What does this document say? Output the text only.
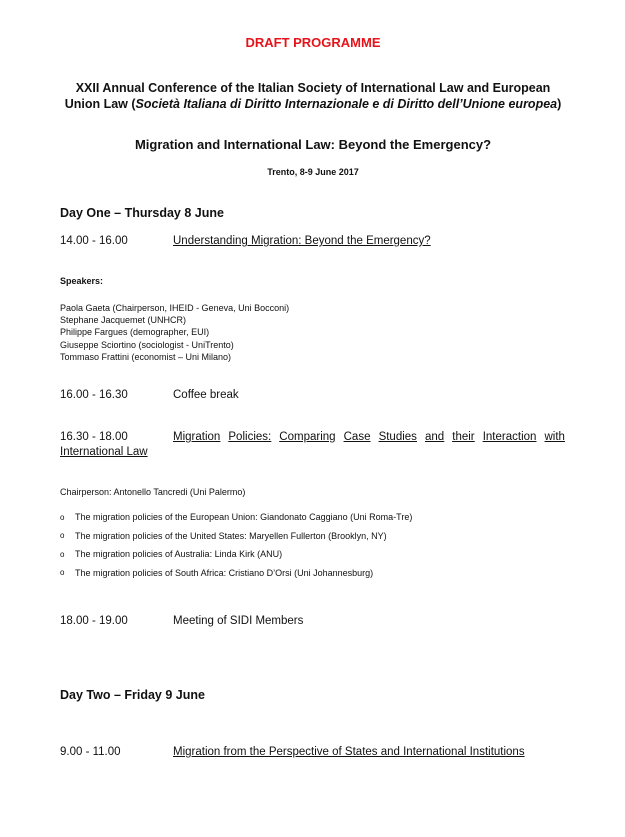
DRAFT PROGRAMME
XXII Annual Conference of the Italian Society of International Law and European
Union Law (Società Italiana di Diritto Internazionale e di Diritto dell’Unione europea)
Migration and International Law: Beyond the Emergency?
Trento, 8-9 June 2017
Day One – Thursday 8 June
14.00 - 16.00	Understanding Migration: Beyond the Emergency?
Speakers:
Paola Gaeta (Chairperson, IHEID - Geneva, Uni Bocconi)
Stephane Jacquemet (UNHCR)
Philippe Fargues (demographer, EUI)
Giuseppe Sciortino (sociologist - UniTrento)
Tommaso Frattini (economist – Uni Milano)
16.00 - 16.30	Coffee break
16.30 - 18.00	Migration Policies: Comparing Case Studies and their Interaction with
International Law
Chairperson: Antonello Tancredi (Uni Palermo)
o	The migration policies of the European Union: Giandonato Caggiano (Uni Roma-Tre)
o	The migration policies of the United States: Maryellen Fullerton (Brooklyn, NY)
o	The migration policies of Australia: Linda Kirk (ANU)
o	The migration policies of South Africa: Cristiano D’Orsi (Uni Johannesburg)
18.00 - 19.00	Meeting of SIDI Members
Day Two – Friday 9 June
9.00 - 11.00	Migration from the Perspective of States and International Institutions
